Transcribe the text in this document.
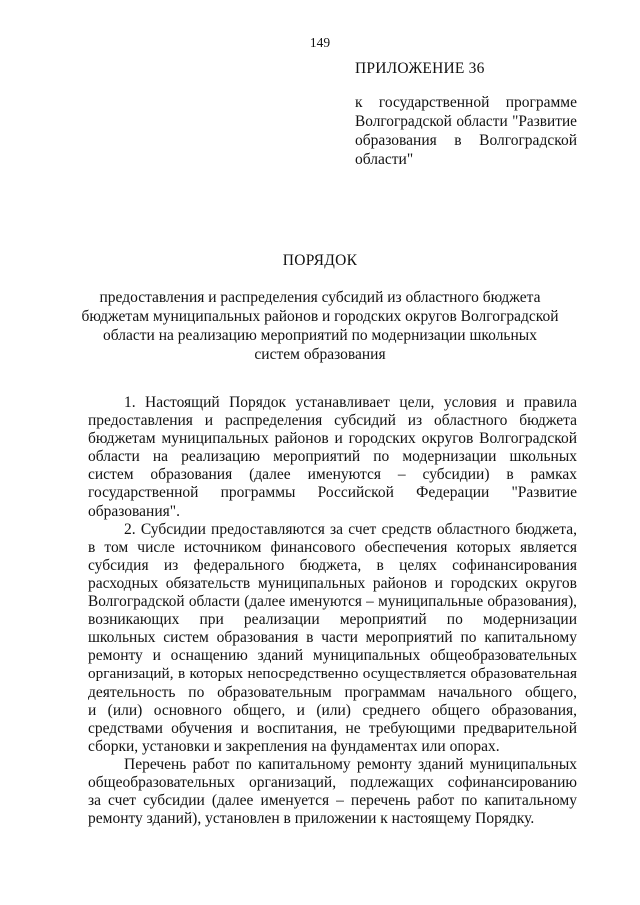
149
ПРИЛОЖЕНИЕ 36
к государственной программе
Волгоградской области "Развитие
образования в Волгоградской
области"
ПОРЯДОК
предоставления и распределения субсидий из областного бюджета
бюджетам муниципальных районов и городских округов Волгоградской
области на реализацию мероприятий по модернизации школьных
систем образования
1. Настоящий Порядок устанавливает цели, условия и правила
предоставления и распределения субсидий из областного бюджета
бюджетам муниципальных районов и городских округов Волгоградской
области на реализацию мероприятий по модернизации школьных
систем образования (далее именуются – субсидии) в рамках
государственной программы Российской Федерации "Развитие
образования".
2. Субсидии предоставляются за счет средств областного бюджета,
в том числе источником финансового обеспечения которых является
субсидия из федерального бюджета, в целях софинансирования
расходных обязательств муниципальных районов и городских округов
Волгоградской области (далее именуются – муниципальные образования),
возникающих при реализации мероприятий по модернизации
школьных систем образования в части мероприятий по капитальному
ремонту и оснащению зданий муниципальных общеобразовательных
организаций, в которых непосредственно осуществляется образовательная
деятельность по образовательным программам начального общего,
и (или) основного общего, и (или) среднего общего образования,
средствами обучения и воспитания, не требующими предварительной
сборки, установки и закрепления на фундаментах или опорах.
Перечень работ по капитальному ремонту зданий муниципальных
общеобразовательных организаций, подлежащих софинансированию
за счет субсидии (далее именуется – перечень работ по капитальному
ремонту зданий), установлен в приложении к настоящему Порядку.
